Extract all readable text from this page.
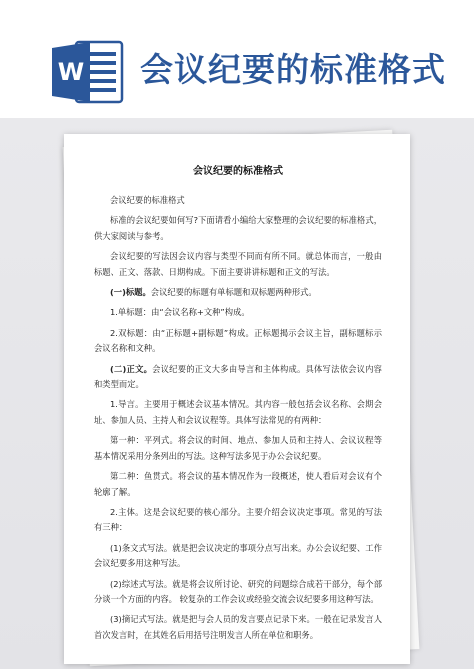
W 会议纪要的标准格式
会议纪要的标准格式

会议纪要的标准格式

标准的会议纪要如何写?下面请看小编给大家整理的会议纪要的标准格式，供大家阅读与参考。

会议纪要的写法因会议内容与类型不同而有所不同。就总体而言，一般由标题、正文、落款、日期构成。下面主要讲讲标题和正文的写法。

(一)标题。会议纪要的标题有单标题和双标题两种形式。

1.单标题：由“会议名称+文种”构成。

2.双标题：由“正标题+副标题”构成。正标题揭示会议主旨，副标题标示会议名称和文种。

(二)正文。会议纪要的正文大多由导言和主体构成。具体写法依会议内容和类型而定。

1.导言。主要用于概述会议基本情况。其内容一般包括会议名称、会期会址、参加人员、主持人和会议议程等。具体写法常见的有两种：

第一种：平列式。将会议的时间、地点、参加人员和主持人、会议议程等基本情况采用分条列出的写法。这种写法多见于办公会议纪要。

第二种：鱼贯式。将会议的基本情况作为一段概述，使人看后对会议有个轮廓了解。

2.主体。这是会议纪要的核心部分。主要介绍会议决定事项。常见的写法有三种：

(1)条文式写法。就是把会议决定的事项分点写出来。办公会议纪要、工作会议纪要多用这种写法。

(2)综述式写法。就是将会议所讨论、研究的问题综合成若干部分，每个部分谈一个方面的内容。 较复杂的工作会议或经验交流会议纪要多用这种写法。

(3)摘记式写法。就是把与会人员的发言要点记录下来。一般在记录发言人首次发言时，在其姓名后用括号注明发言人所在单位和职务。
